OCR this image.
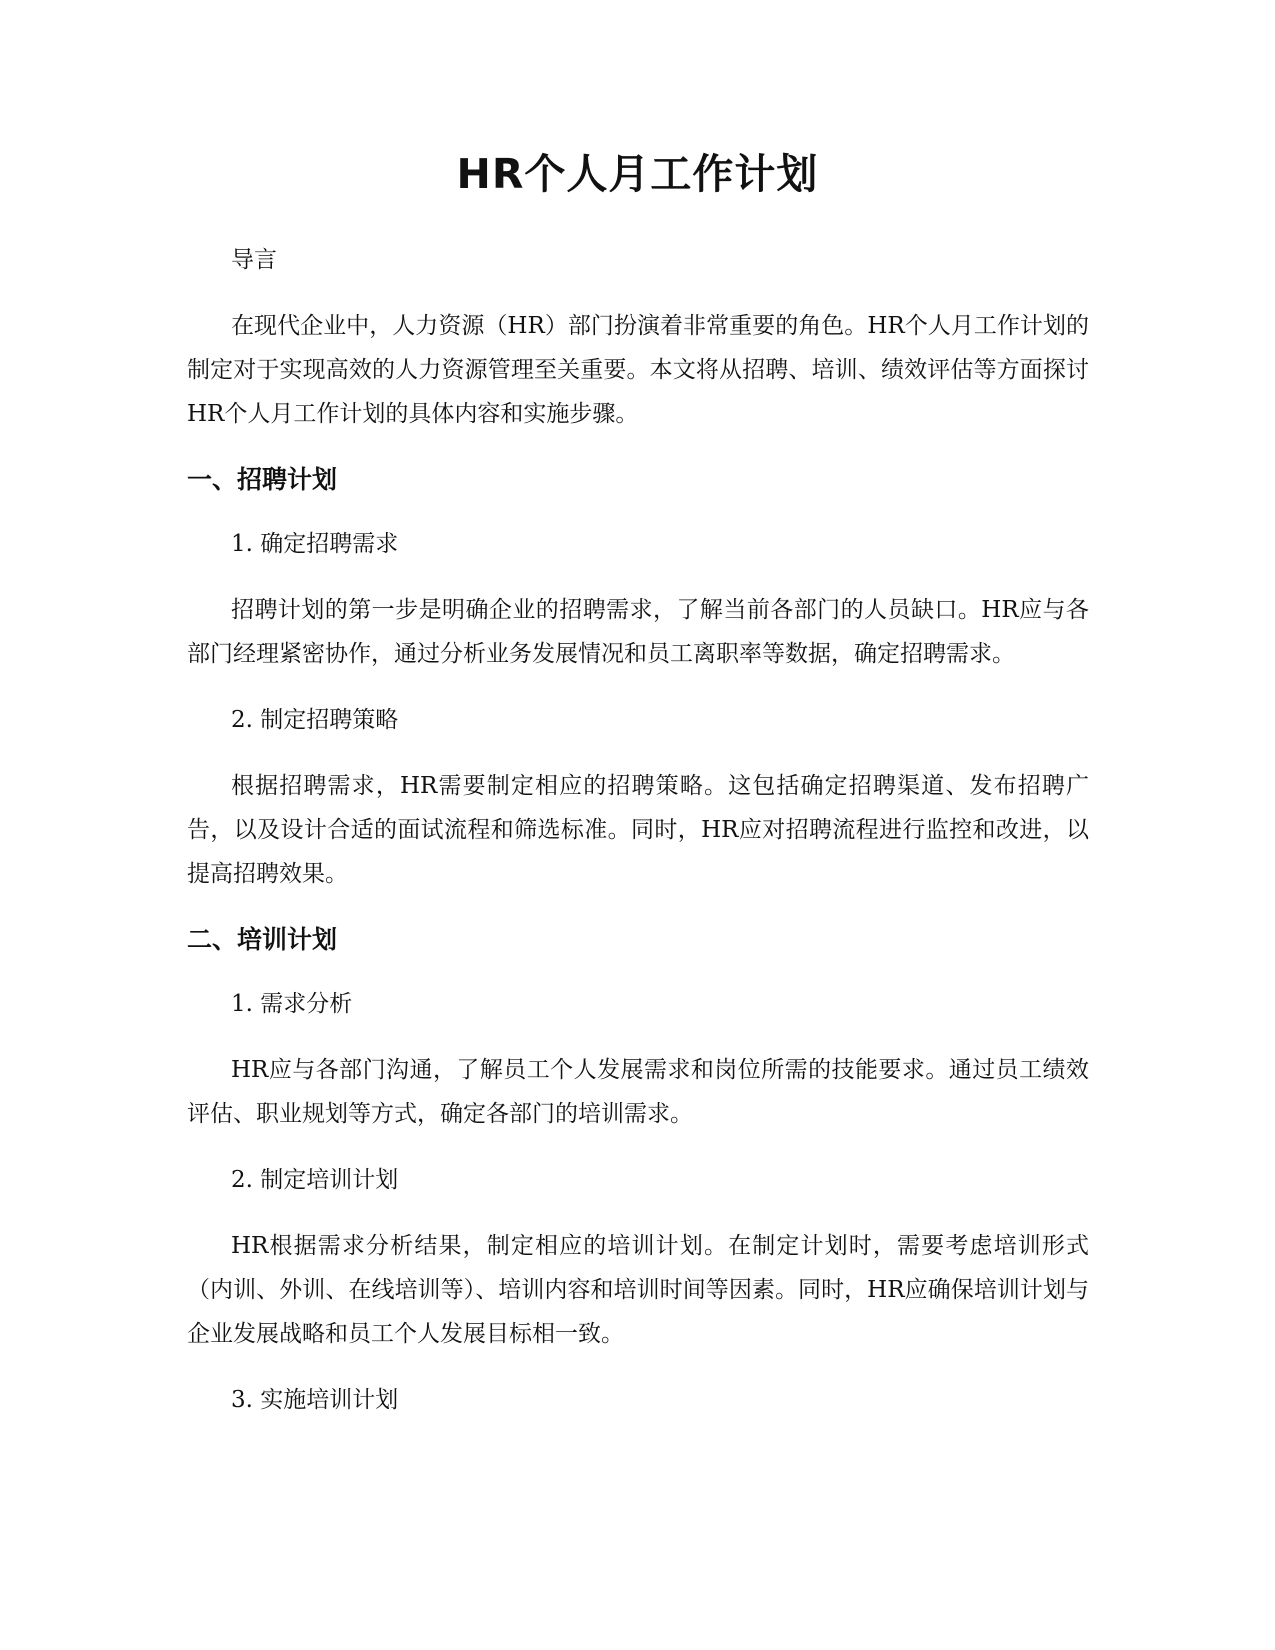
HR个人月工作计划

导言

在现代企业中，人力资源（HR）部门扮演着非常重要的角色。HR个人月工作计划的制定对于实现高效的人力资源管理至关重要。本文将从招聘、培训、绩效评估等方面探讨HR个人月工作计划的具体内容和实施步骤。

一、招聘计划

1. 确定招聘需求

招聘计划的第一步是明确企业的招聘需求，了解当前各部门的人员缺口。HR应与各部门经理紧密协作，通过分析业务发展情况和员工离职率等数据，确定招聘需求。

2. 制定招聘策略

根据招聘需求，HR需要制定相应的招聘策略。这包括确定招聘渠道、发布招聘广告，以及设计合适的面试流程和筛选标准。同时，HR应对招聘流程进行监控和改进，以提高招聘效果。

二、培训计划

1. 需求分析

HR应与各部门沟通，了解员工个人发展需求和岗位所需的技能要求。通过员工绩效评估、职业规划等方式，确定各部门的培训需求。

2. 制定培训计划

HR根据需求分析结果，制定相应的培训计划。在制定计划时，需要考虑培训形式（内训、外训、在线培训等）、培训内容和培训时间等因素。同时，HR应确保培训计划与企业发展战略和员工个人发展目标相一致。

3. 实施培训计划
